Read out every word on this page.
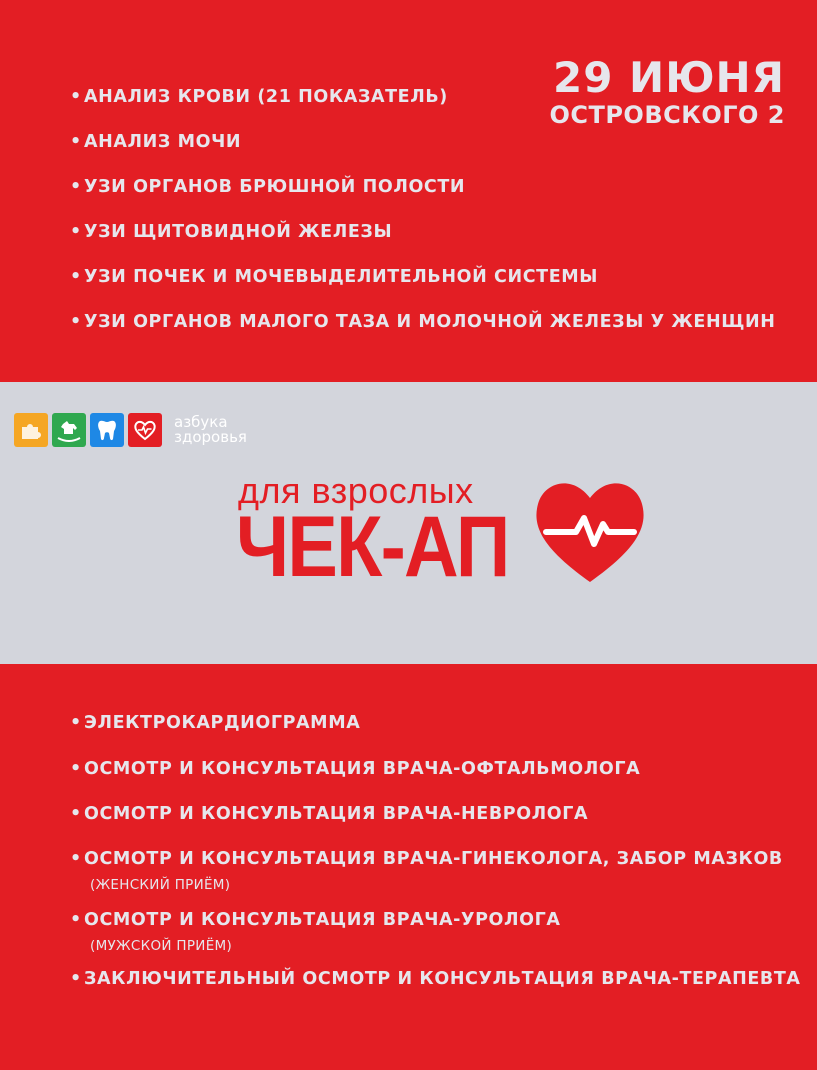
29 ИЮНЯ
ОСТРОВСКОГО 2
• АНАЛИЗ КРОВИ (21 ПОКАЗАТЕЛЬ)
• АНАЛИЗ МОЧИ
• УЗИ ОРГАНОВ БРЮШНОЙ ПОЛОСТИ
• УЗИ ЩИТОВИДНОЙ ЖЕЛЕЗЫ
• УЗИ ПОЧЕК И МОЧЕВЫДЕЛИТЕЛЬНОЙ СИСТЕМЫ
• УЗИ ОРГАНОВ МАЛОГО ТАЗА И МОЛОЧНОЙ ЖЕЛЕЗЫ У ЖЕНЩИН
азбука
здоровья
для взрослых
ЧЕК-АП
• ЭЛЕКТРОКАРДИОГРАММА
• ОСМОТР И КОНСУЛЬТАЦИЯ ВРАЧА-ОФТАЛЬМОЛОГА
• ОСМОТР И КОНСУЛЬТАЦИЯ ВРАЧА-НЕВРОЛОГА
• ОСМОТР И КОНСУЛЬТАЦИЯ ВРАЧА-ГИНЕКОЛОГА, ЗАБОР МАЗКОВ
(ЖЕНСКИЙ ПРИЁМ)
• ОСМОТР И КОНСУЛЬТАЦИЯ ВРАЧА-УРОЛОГА
(МУЖСКОЙ ПРИЁМ)
• ЗАКЛЮЧИТЕЛЬНЫЙ ОСМОТР И КОНСУЛЬТАЦИЯ ВРАЧА-ТЕРАПЕВТА
